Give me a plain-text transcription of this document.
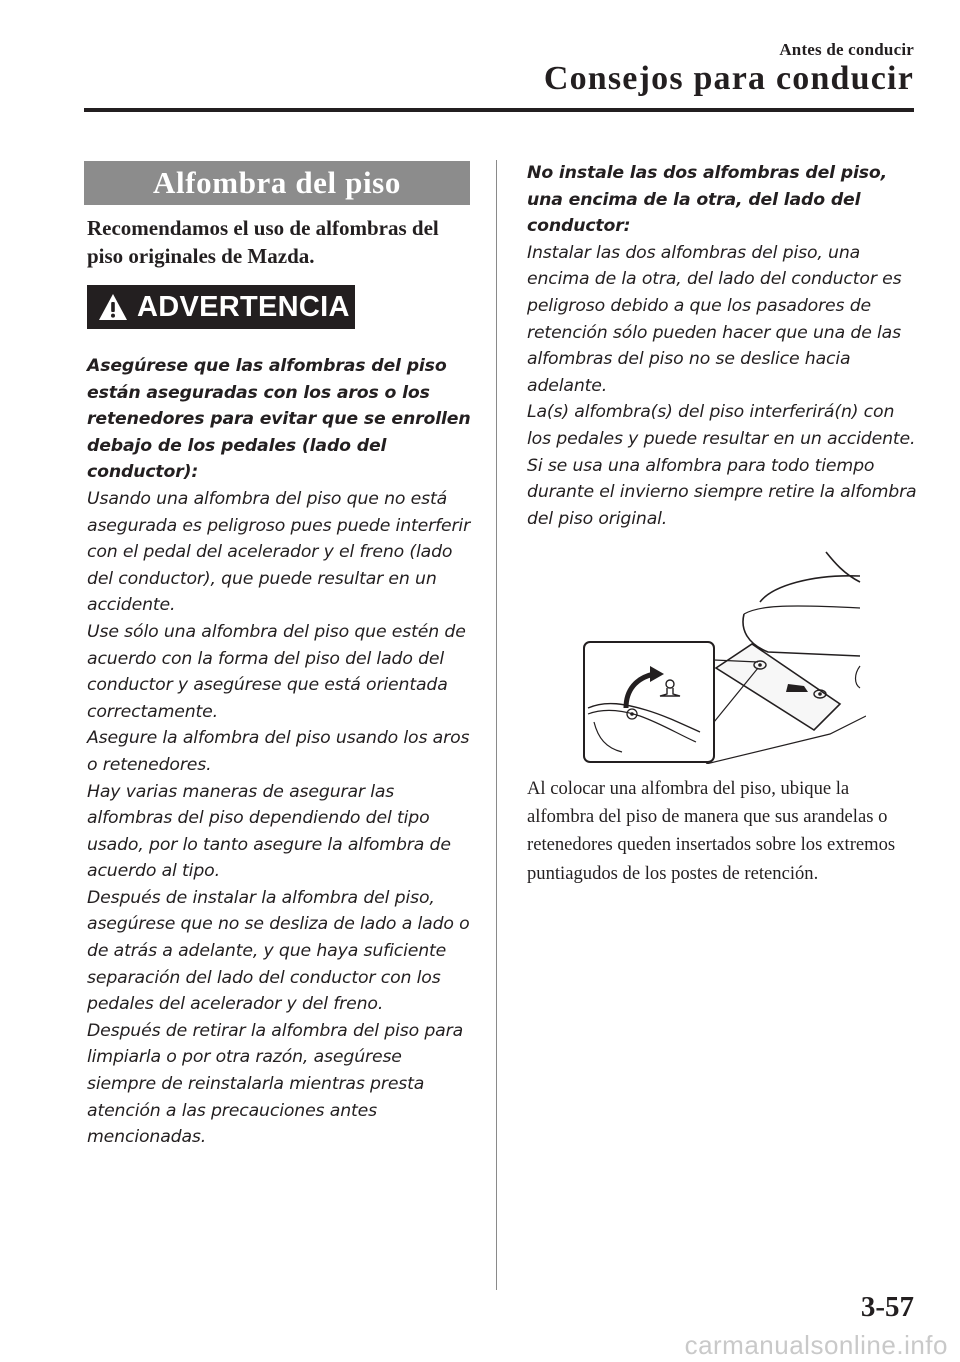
Antes de conducir
Consejos para conducir
Alfombra del piso
Recomendamos el uso de alfombras del piso originales de Mazda.
ADVERTENCIA

Asegúrese que las alfombras del piso están aseguradas con los aros o los retenedores para evitar que se enrollen debajo de los pedales (lado del conductor):

Usando una alfombra del piso que no está asegurada es peligroso pues puede interferir con el pedal del acelerador y el freno (lado del conductor), que puede resultar en un accidente.

Use sólo una alfombra del piso que estén de acuerdo con la forma del piso del lado del conductor y asegúrese que está orientada correctamente.

Asegure la alfombra del piso usando los aros o retenedores.

Hay varias maneras de asegurar las alfombras del piso dependiendo del tipo usado, por lo tanto asegure la alfombra de acuerdo al tipo.

Después de instalar la alfombra del piso, asegúrese que no se desliza de lado a lado o de atrás a adelante, y que haya suficiente separación del lado del conductor con los pedales del acelerador y del freno.

Después de retirar la alfombra del piso para limpiarla o por otra razón, asegúrese siempre de reinstalarla mientras presta atención a las precauciones antes mencionadas.

No instale las dos alfombras del piso, una encima de la otra, del lado del conductor:

Instalar las dos alfombras del piso, una encima de la otra, del lado del conductor es peligroso debido a que los pasadores de retención sólo pueden hacer que una de las alfombras del piso no se deslice hacia adelante.

La(s) alfombra(s) del piso interferirá(n) con los pedales y puede resultar en un accidente.

Si se usa una alfombra para todo tiempo durante el invierno siempre retire la alfombra del piso original.

Al colocar una alfombra del piso, ubique la alfombra del piso de manera que sus arandelas o retenedores queden insertados sobre los extremos puntiagudos de los postes de retención.
3-57
carmanualsonline.info
